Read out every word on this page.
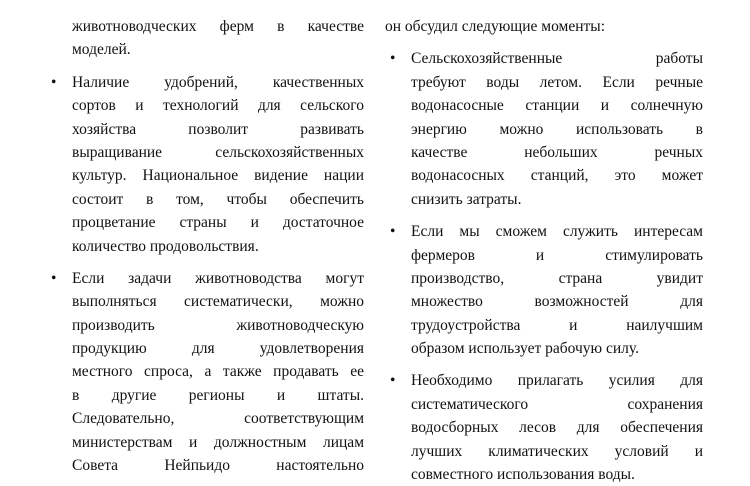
животноводческих ферм в качестве
моделей.
• Наличие удобрений, качественных
сортов и технологий для сельского
хозяйства позволит развивать
выращивание сельскохозяйственных
культур. Национальное видение нации
состоит в том, чтобы обеспечить
процветание страны и достаточное
количество продовольствия.
• Если задачи животноводства могут
выполняться систематически, можно
производить животноводческую
продукцию для удовлетворения
местного спроса, а также продавать ее
в другие регионы и штаты.
Следовательно, соответствующим
министерствам и должностным лицам
Совета Нейпьидо настоятельно
он обсудил следующие моменты:
• Сельскохозяйственные работы
требуют воды летом. Если речные
водонасосные станции и солнечную
энергию можно использовать в
качестве небольших речных
водонасосных станций, это может
снизить затраты.
• Если мы сможем служить интересам
фермеров и стимулировать
производство, страна увидит
множество возможностей для
трудоустройства и наилучшим
образом использует рабочую силу.
• Необходимо прилагать усилия для
систематического сохранения
водосборных лесов для обеспечения
лучших климатических условий и
совместного использования воды.
